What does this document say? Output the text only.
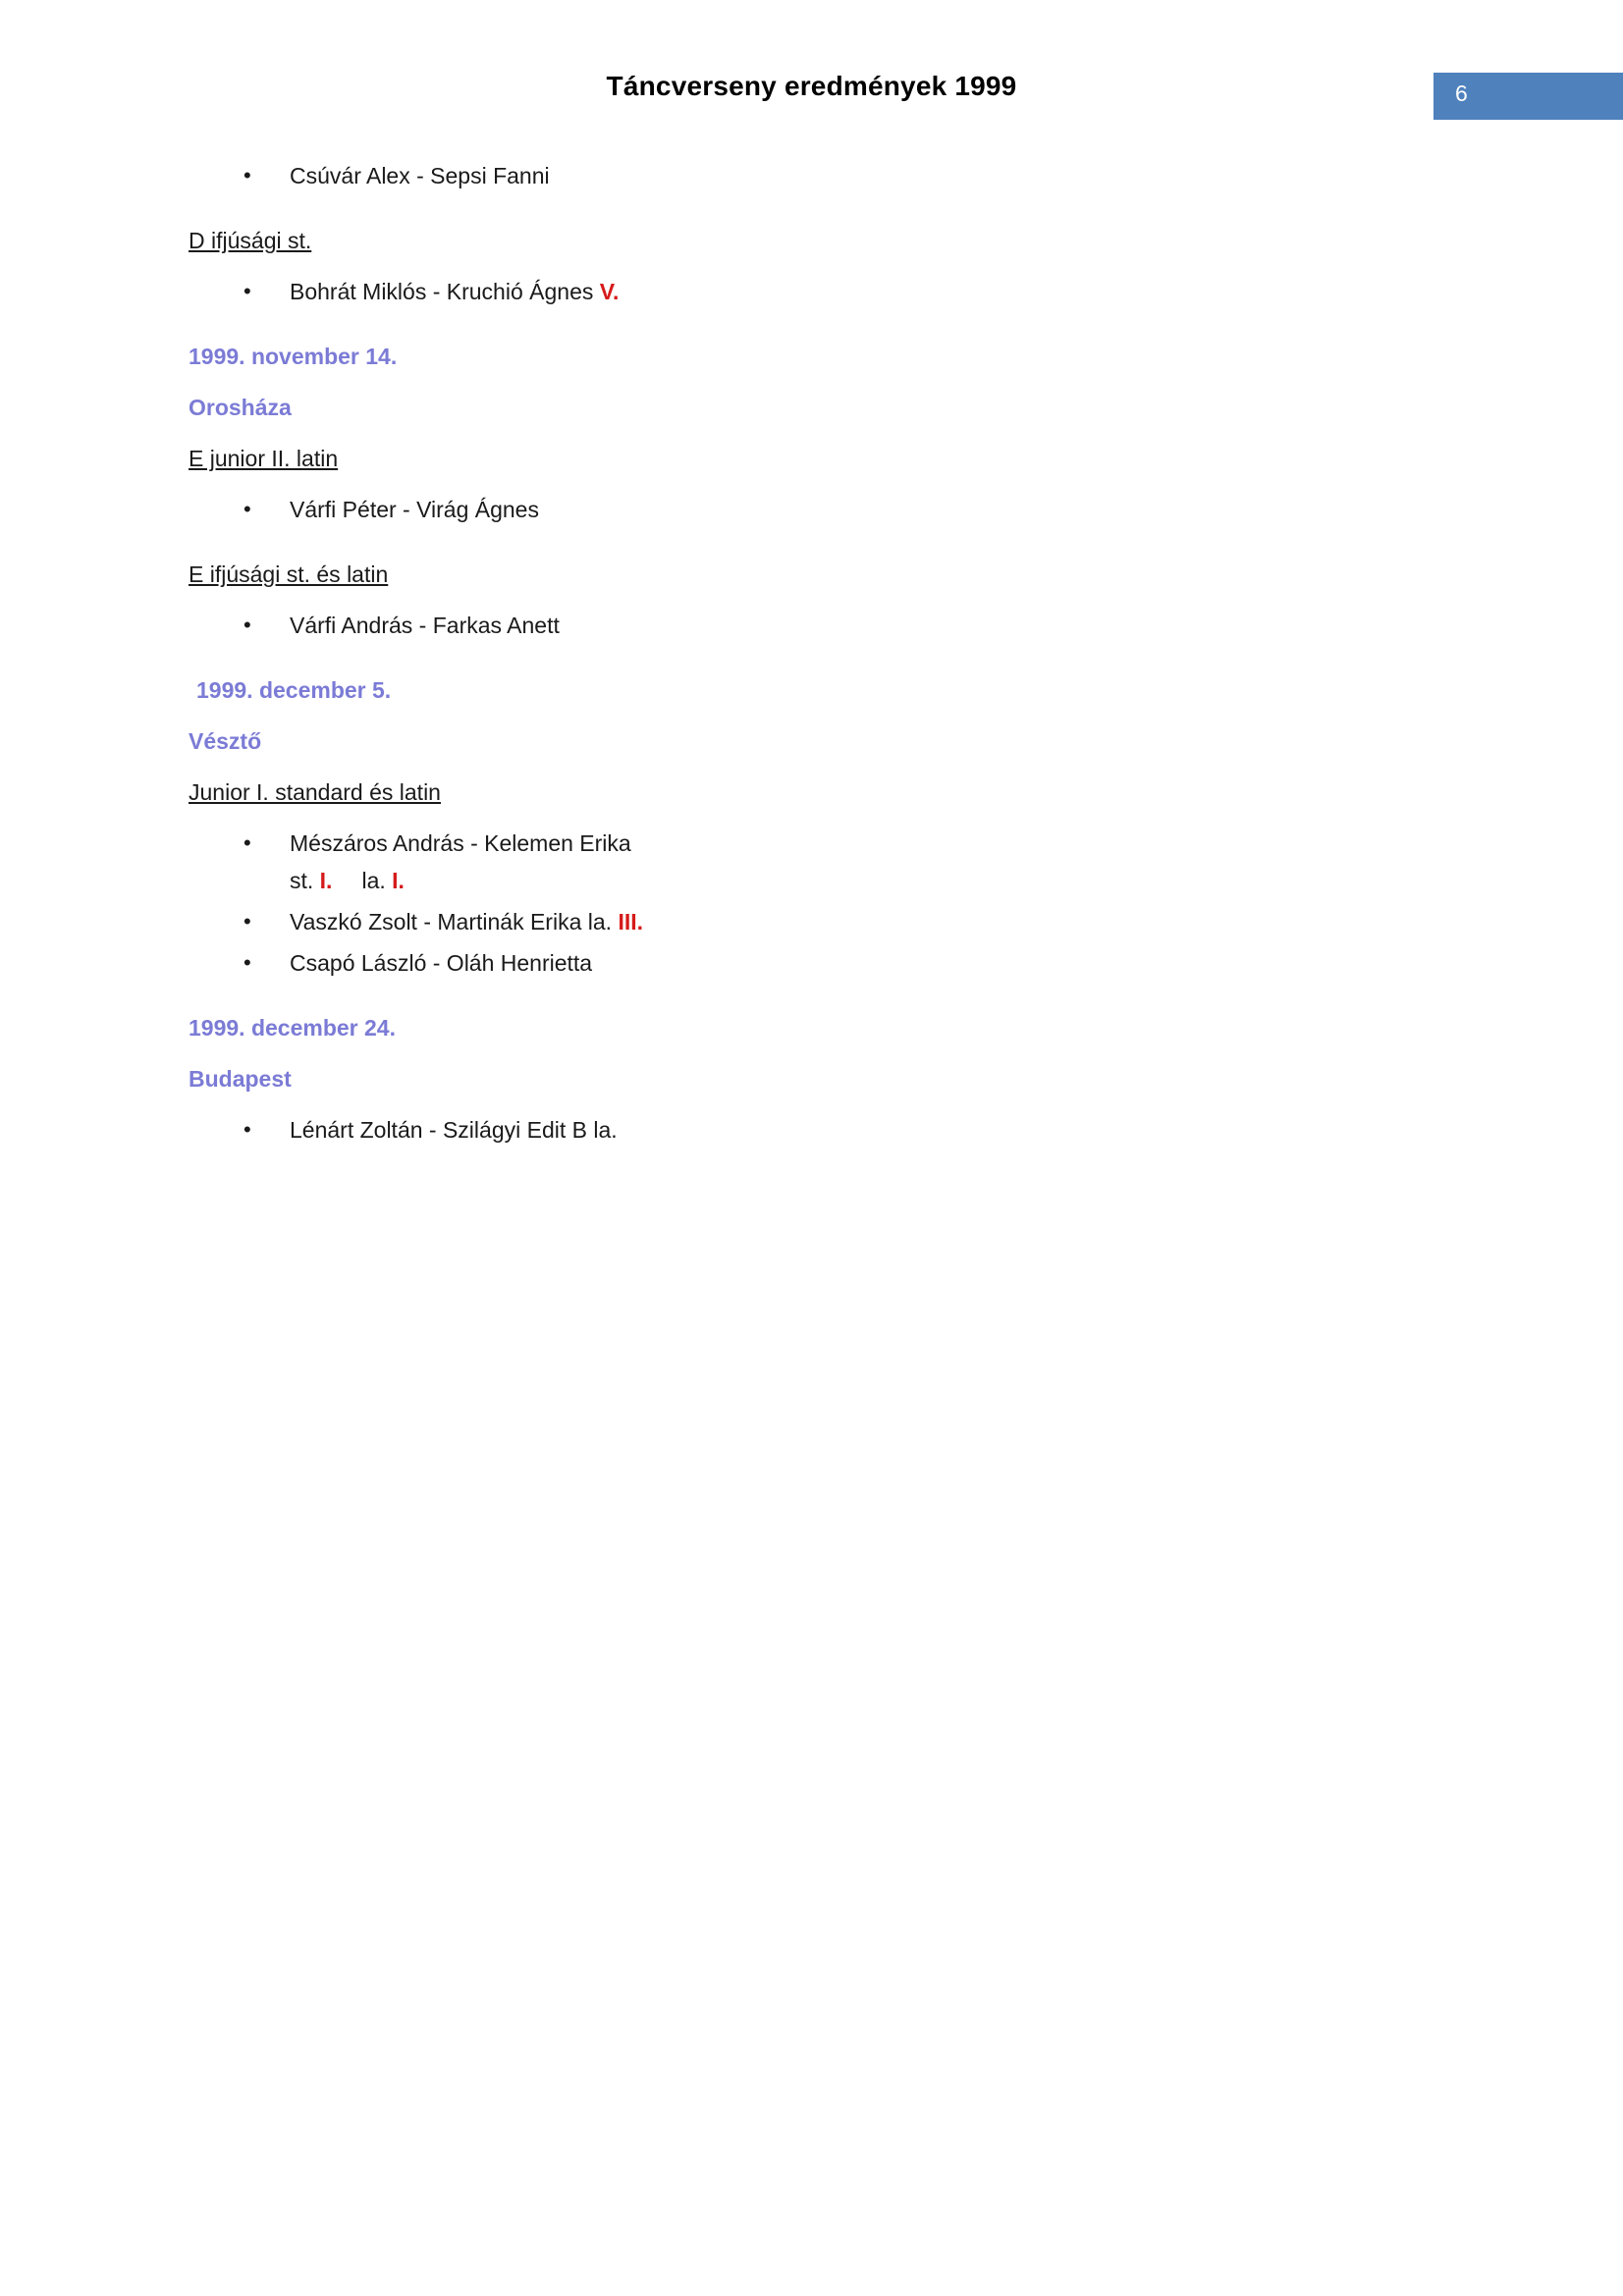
Táncverseny eredmények 1999	6
• Csúvár Alex - Sepsi Fanni
D ifjúsági st.
• Bohrát Miklós - Kruchió Ágnes V.
1999. november 14.
Orosháza
E junior II. latin
• Várfi Péter - Virág Ágnes
E ifjúsági st. és latin
• Várfi András - Farkas Anett
1999. december 5.
Vésztő
Junior I. standard és latin
• Mészáros András - Kelemen Erika
st. I. la. I.
• Vaszkó Zsolt - Martinák Erika la. III.
• Csapó László - Oláh Henrietta
1999. december 24.
Budapest
• Lénárt Zoltán - Szilágyi Edit B la.
